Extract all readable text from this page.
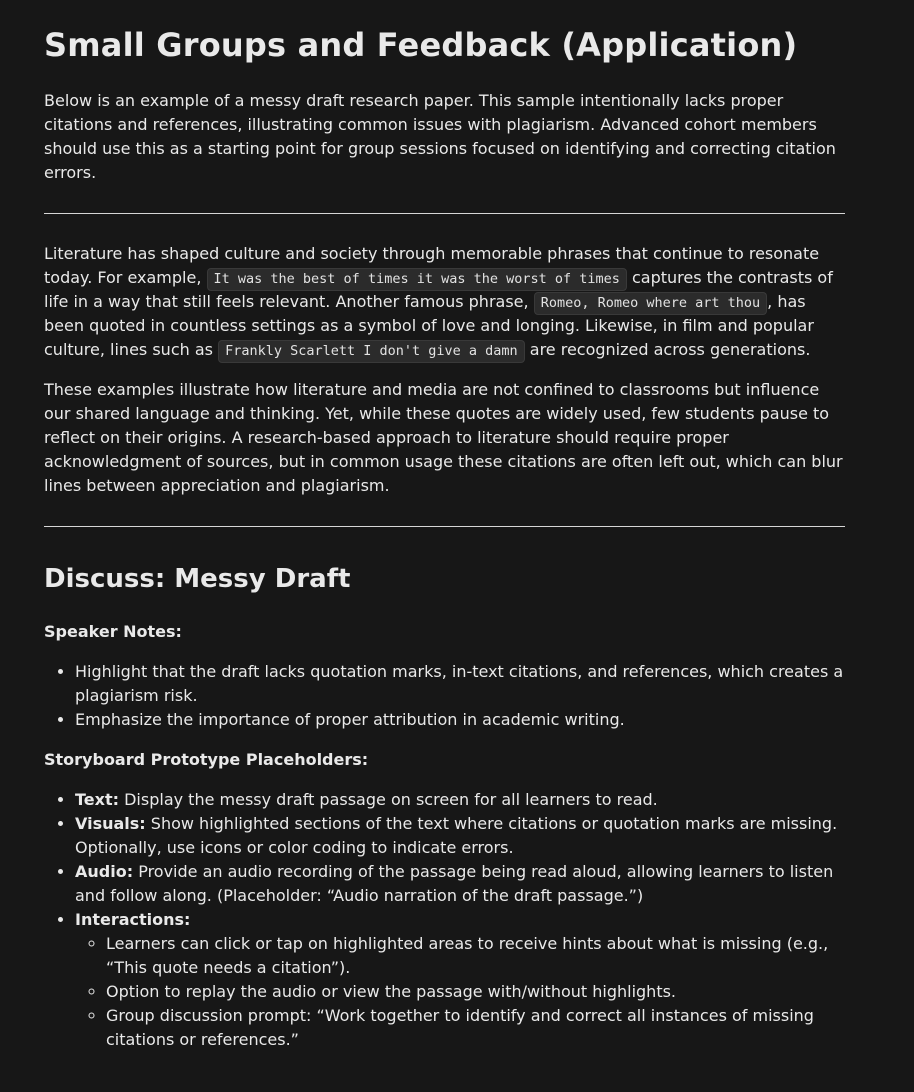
Small Groups and Feedback (Application)

Below is an example of a messy draft research paper. This sample intentionally lacks proper citations and references, illustrating common issues with plagiarism. Advanced cohort members should use this as a starting point for group sessions focused on identifying and correcting citation errors.

Literature has shaped culture and society through memorable phrases that continue to resonate today. For example, It was the best of times it was the worst of times captures the contrasts of life in a way that still feels relevant. Another famous phrase, Romeo, Romeo where art thou , has been quoted in countless settings as a symbol of love and longing. Likewise, in film and popular culture, lines such as Frankly Scarlett I don't give a damn are recognized across generations.

These examples illustrate how literature and media are not confined to classrooms but influence our shared language and thinking. Yet, while these quotes are widely used, few students pause to reflect on their origins. A research-based approach to literature should require proper acknowledgment of sources, but in common usage these citations are often left out, which can blur lines between appreciation and plagiarism.

Discuss: Messy Draft

Speaker Notes:

• Highlight that the draft lacks quotation marks, in-text citations, and references, which creates a plagiarism risk.
• Emphasize the importance of proper attribution in academic writing.

Storyboard Prototype Placeholders:

• Text: Display the messy draft passage on screen for all learners to read.
• Visuals: Show highlighted sections of the text where citations or quotation marks are missing. Optionally, use icons or color coding to indicate errors.
• Audio: Provide an audio recording of the passage being read aloud, allowing learners to listen and follow along. (Placeholder: “Audio narration of the draft passage.”)
• Interactions:
◦ Learners can click or tap on highlighted areas to receive hints about what is missing (e.g., “This quote needs a citation”).
◦ Option to replay the audio or view the passage with/without highlights.
◦ Group discussion prompt: “Work together to identify and correct all instances of missing citations or references.”
